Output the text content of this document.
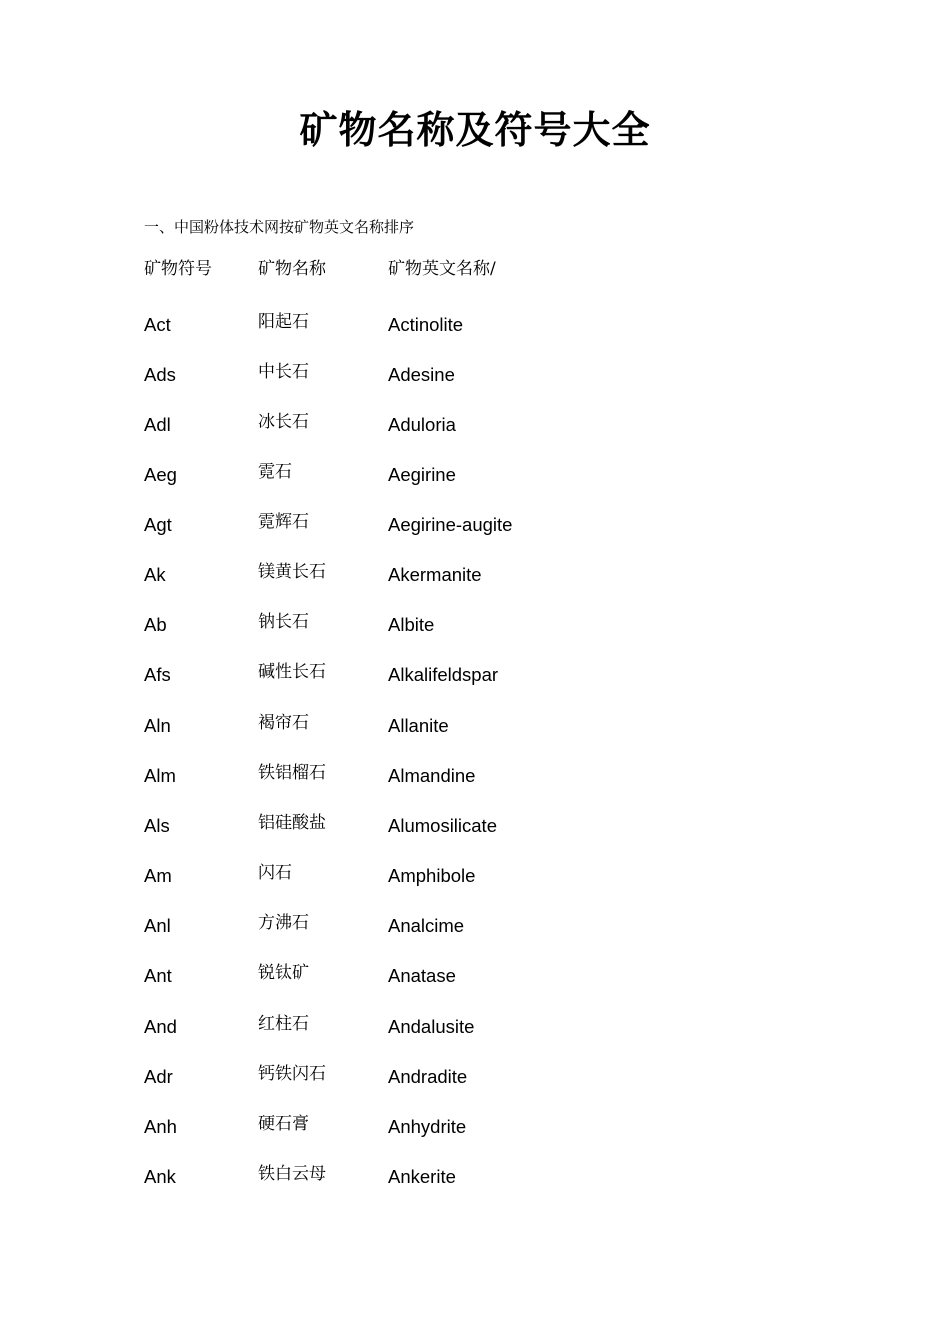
矿物名称及符号大全

一、中国粉体技术网按矿物英文名称排序

矿物符号	矿物名称	矿物英文名称/
Act	阳起石	Actinolite
Ads	中长石	Adesine
Adl	冰长石	Aduloria
Aeg	霓石	Aegirine
Agt	霓辉石	Aegirine-augite
Ak	镁黄长石	Akermanite
Ab	钠长石	Albite
Afs	碱性长石	Alkalifeldspar
Aln	褐帘石	Allanite
Alm	铁铝榴石	Almandine
Als	铝硅酸盐	Alumosilicate
Am	闪石	Amphibole
Anl	方沸石	Analcime
Ant	锐钛矿	Anatase
And	红柱石	Andalusite
Adr	钙铁闪石	Andradite
Anh	硬石膏	Anhydrite
Ank	铁白云母	Ankerite
